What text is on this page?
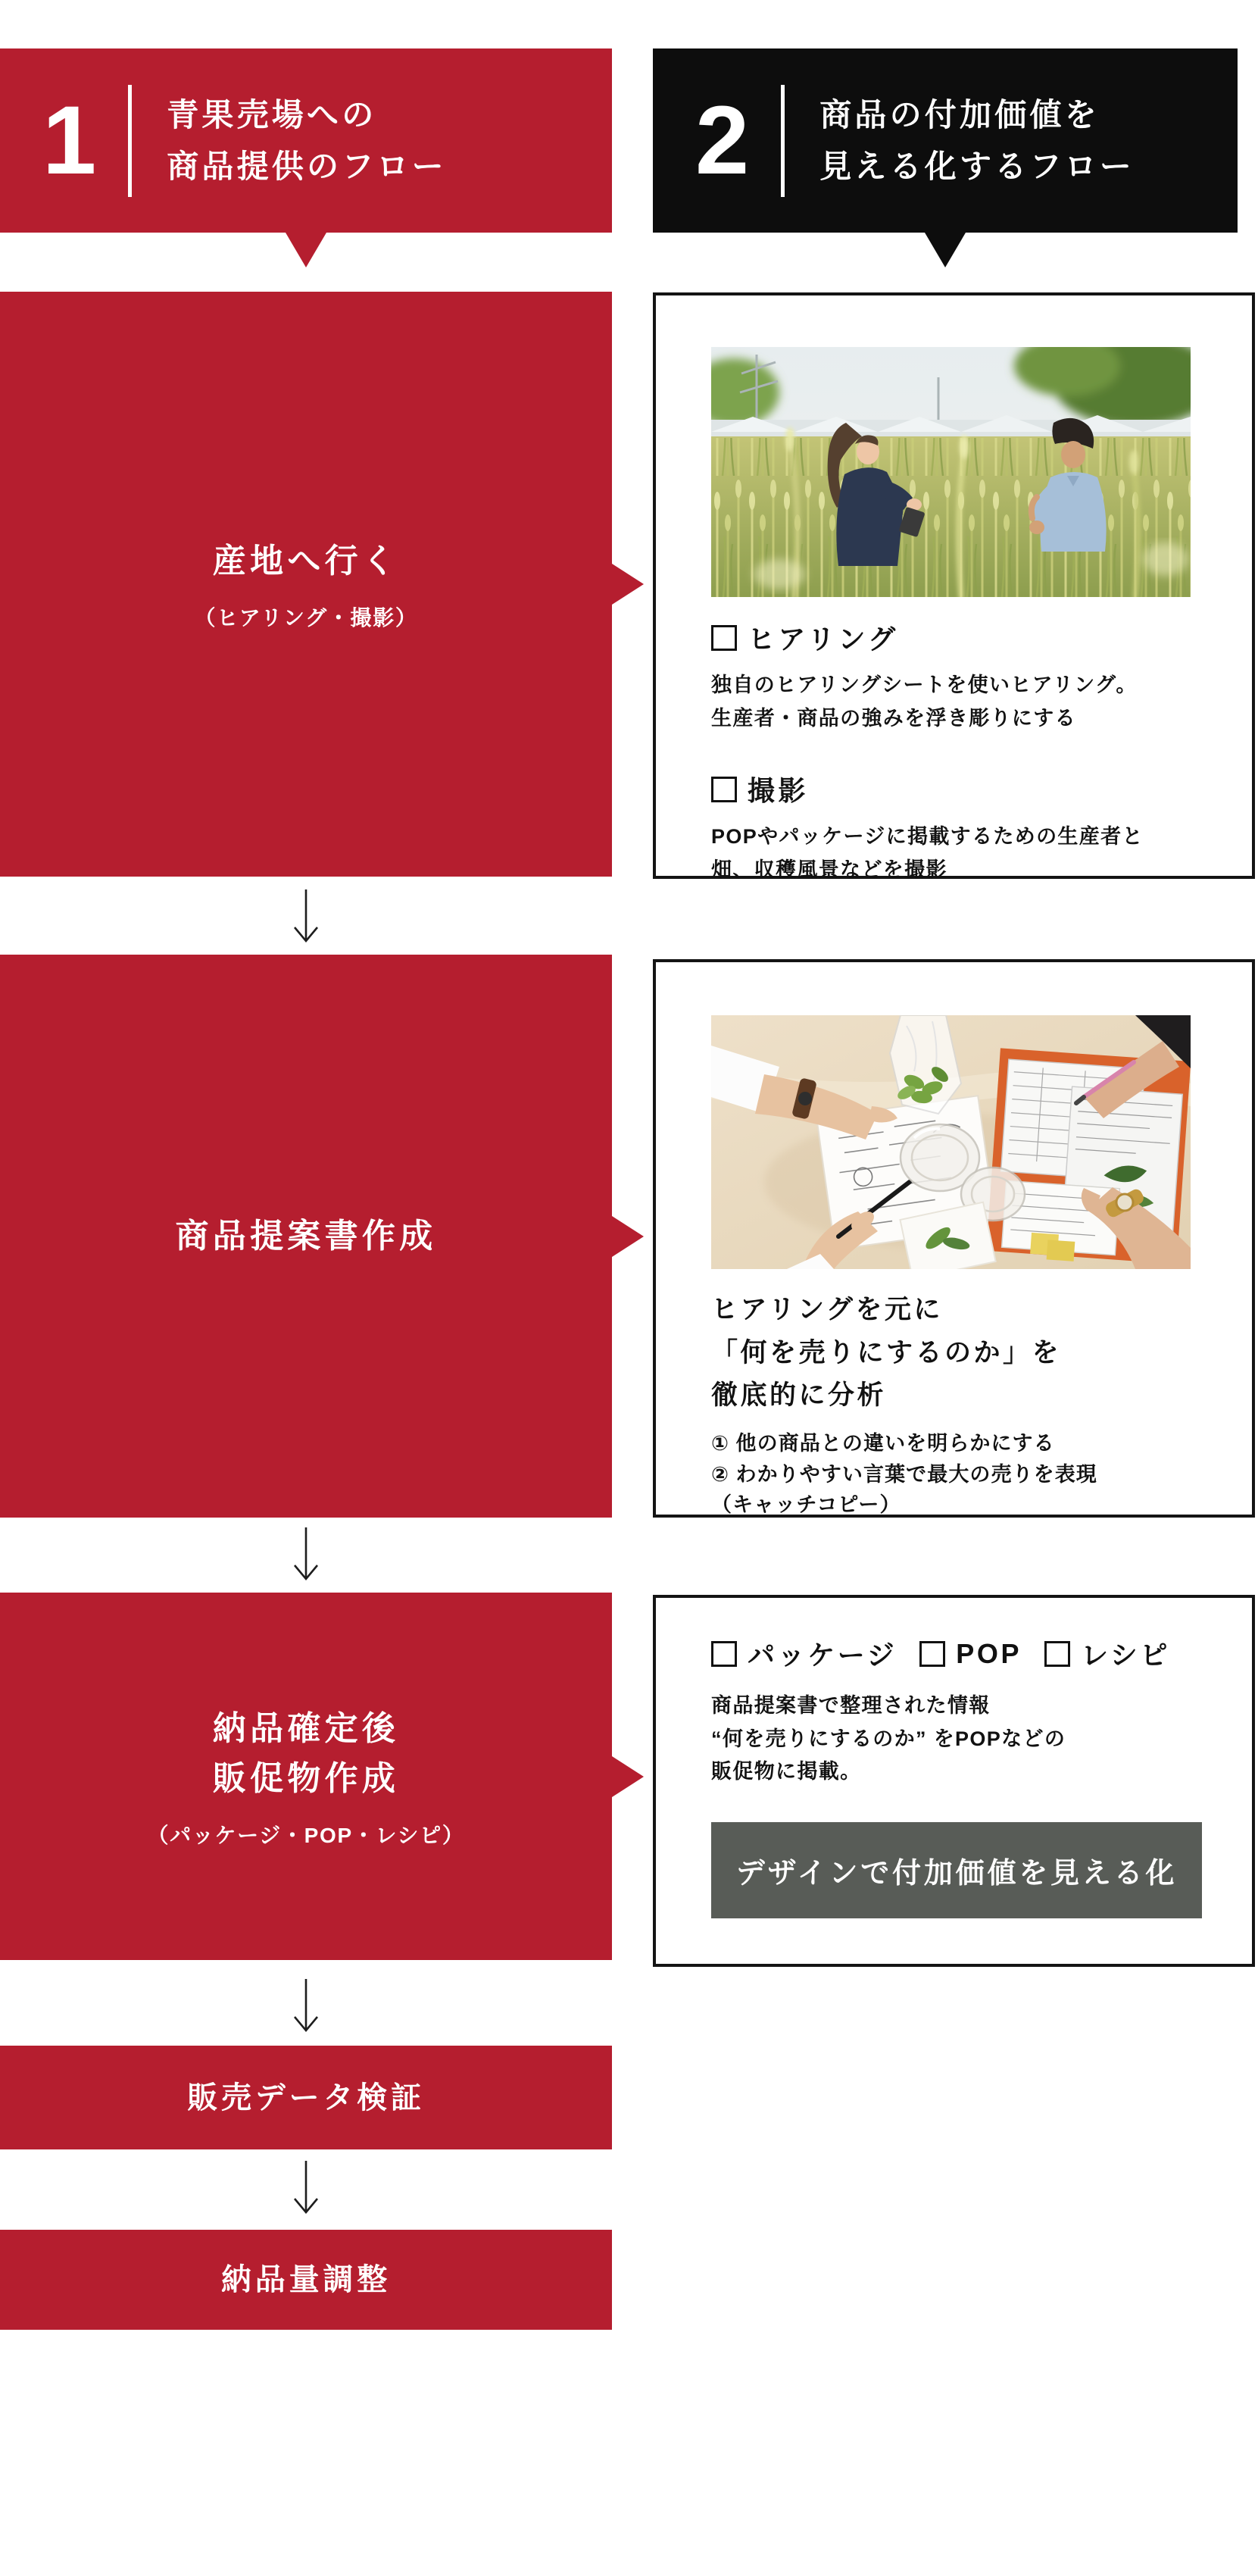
1 青果売場への
商品提供のフロー	2 商品の付加価値を
見える化するフロー
産地へ行く
（ヒアリング・撮影）
商品提案書作成
納品確定後
販促物作成
（パッケージ・POP・レシピ）
販売データ検証
納品量調整
ヒアリング
独自のヒアリングシートを使いヒアリング。
生産者・商品の強みを浮き彫りにする
撮影
POPやパッケージに掲載するための生産者と
畑、収穫風景などを撮影
ヒアリングを元に
「何を売りにするのか」を
徹底的に分析
① 他の商品との違いを明らかにする
② わかりやすい言葉で最大の売りを表現
（キャッチコピー）
パッケージ POP レシピ
商品提案書で整理された情報
“何を売りにするのか” をPOPなどの
販促物に掲載。
デザインで付加価値を見える化
